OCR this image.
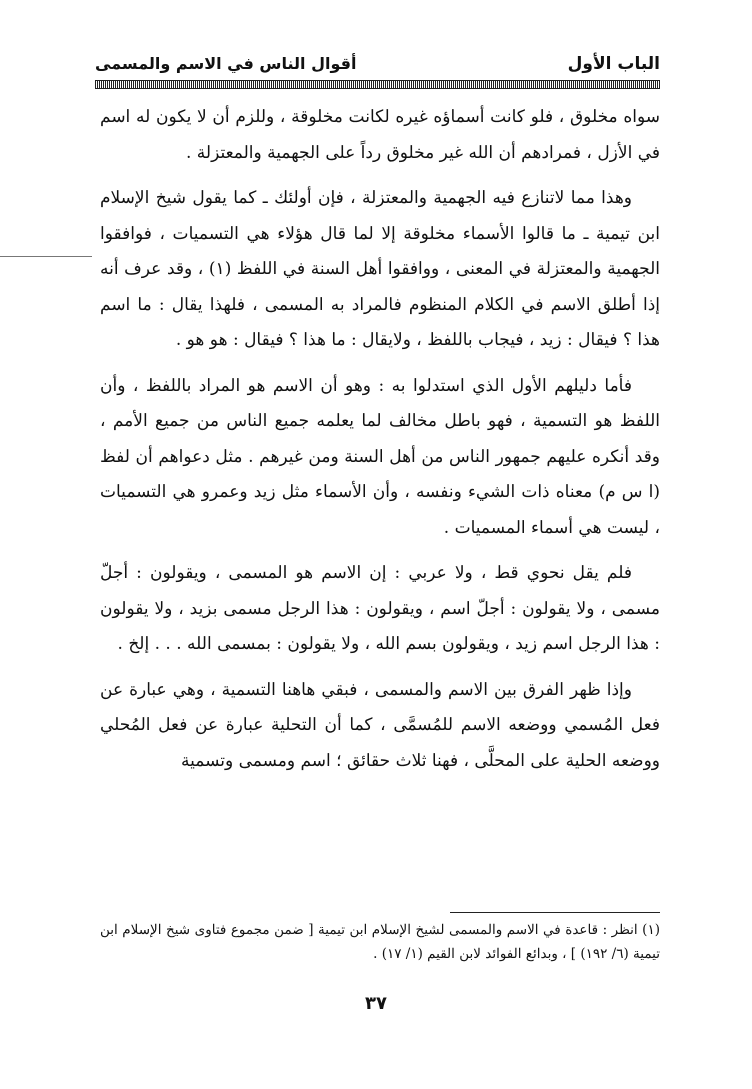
الباب الأول
أقوال الناس في الاسم والمسمى

سواه مخلوق ، فلو كانت أسماؤه غيره لكانت مخلوقة ، وللزم أن لا يكون له اسم في الأزل ، فمرادهم أن الله غير مخلوق رداً على الجهمية والمعتزلة .

وهذا مما لاتنازع فيه الجهمية والمعتزلة ، فإن أولئك ـ كما يقول شيخ الإسلام ابن تيمية ـ ما قالوا الأسماء مخلوقة إلا لما قال هؤلاء هي التسميات ، فوافقوا الجهمية والمعتزلة في المعنى ، ووافقوا أهل السنة في اللفظ (١) ، وقد عرف أنه إذا أطلق الاسم في الكلام المنظوم فالمراد به المسمى ، فلهذا يقال : ما اسم هذا ؟ فيقال : زيد ، فيجاب باللفظ ، ولايقال : ما هذا ؟ فيقال : هو هو .

فأما دليلهم الأول الذي استدلوا به : وهو أن الاسم هو المراد باللفظ ، وأن اللفظ هو التسمية ، فهو باطل مخالف لما يعلمه جميع الناس من جميع الأمم ، وقد أنكره عليهم جمهور الناس من أهل السنة ومن غيرهم . مثل دعواهم أن لفظ (ا س م) معناه ذات الشيء ونفسه ، وأن الأسماء مثل زيد وعمرو هي التسميات ، ليست هي أسماء المسميات .

فلم يقل نحوي قط ، ولا عربي : إن الاسم هو المسمى ، ويقولون : أجلّ مسمى ، ولا يقولون : أجلّ اسم ، ويقولون : هذا الرجل مسمى بزيد ، ولا يقولون : هذا الرجل اسم زيد ، ويقولون بسم الله ، ولا يقولون : بمسمى الله . . . إلخ .

وإذا ظهر الفرق بين الاسم والمسمى ، فبقي هاهنا التسمية ، وهي عبارة عن فعل المُسمي ووضعه الاسم للمُسمَّى ، كما أن التحلية عبارة عن فعل المُحلي ووضعه الحلية على المحلَّى ، فهنا ثلاث حقائق ؛ اسم ومسمى وتسمية

(١) انظر : قاعدة في الاسم والمسمى لشيخ الإسلام ابن تيمية [ ضمن مجموع فتاوى شيخ الإسلام ابن تيمية (٦/ ١٩٢) ] ، وبدائع الفوائد لابن القيم (١/ ١٧) .
٣٧
